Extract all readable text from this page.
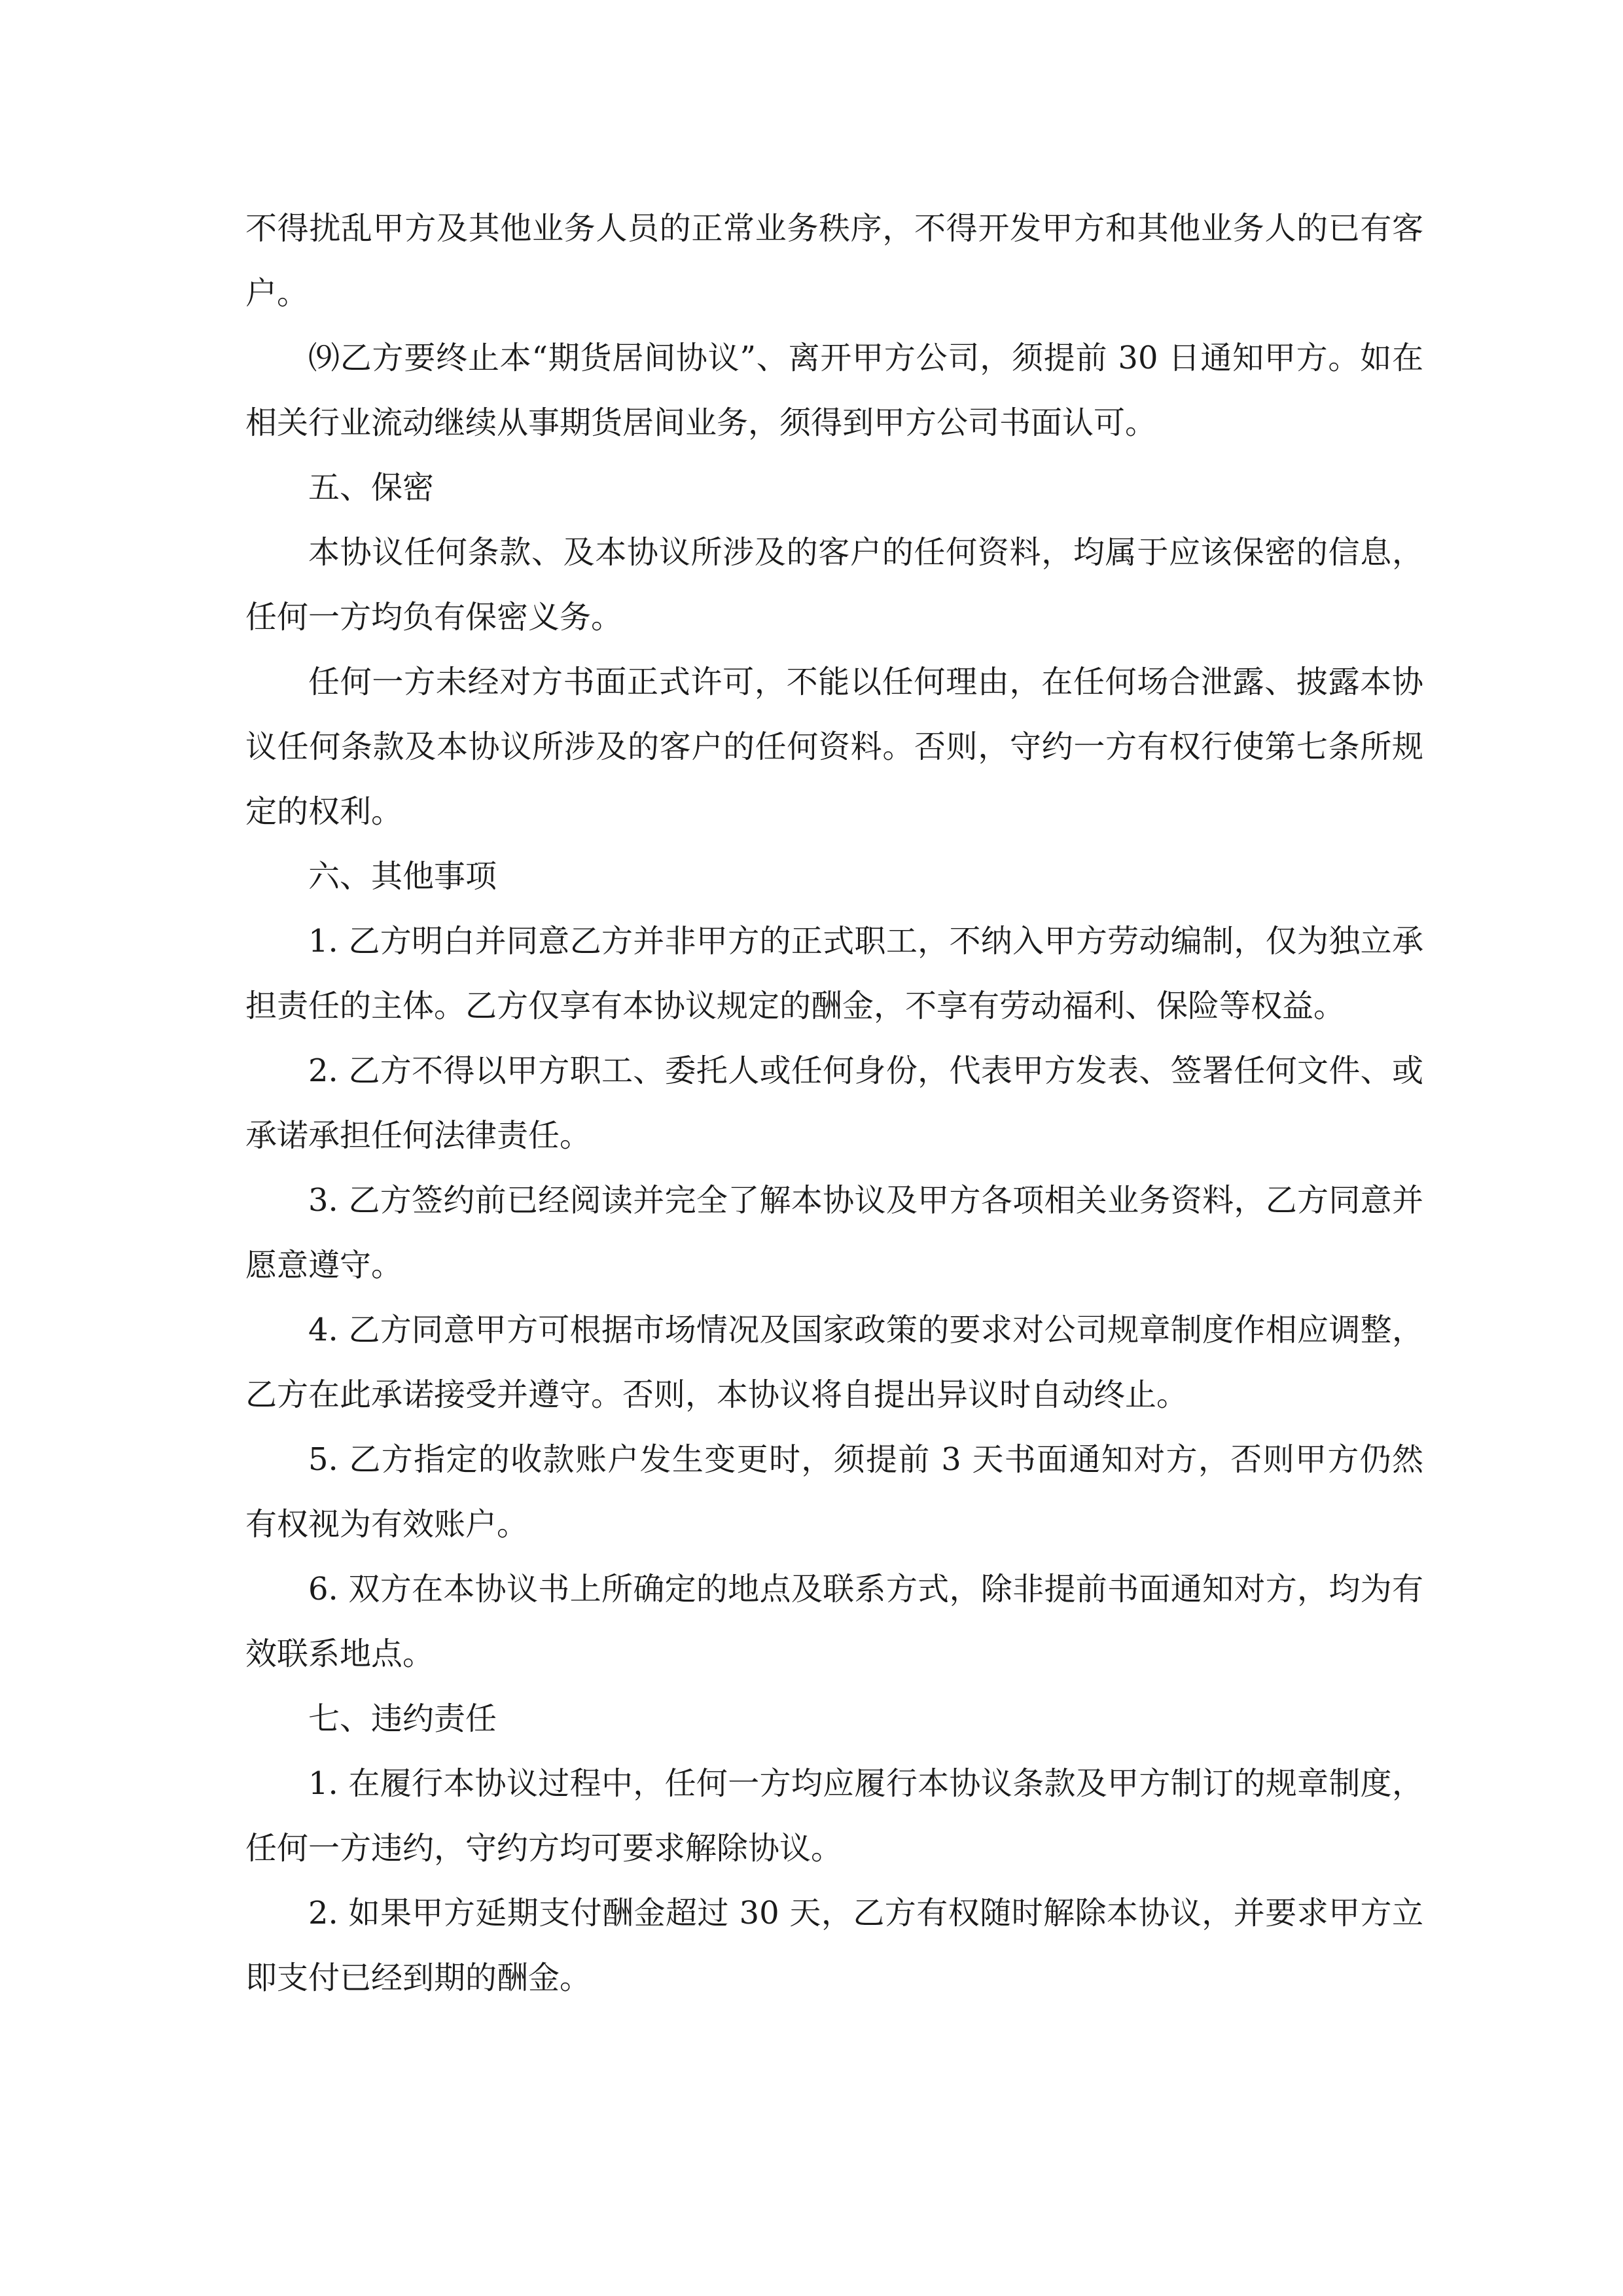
不得扰乱甲方及其他业务人员的正常业务秩序，不得开发甲方和其他业务人的已有客户。

⑼乙方要终止本“期货居间协议”、离开甲方公司，须提前 30 日通知甲方。如在相关行业流动继续从事期货居间业务，须得到甲方公司书面认可。

五、保密

本协议任何条款、及本协议所涉及的客户的任何资料，均属于应该保密的信息，任何一方均负有保密义务。

任何一方未经对方书面正式许可，不能以任何理由，在任何场合泄露、披露本协议任何条款及本协议所涉及的客户的任何资料。否则，守约一方有权行使第七条所规定的权利。

六、其他事项

1. 乙方明白并同意乙方并非甲方的正式职工，不纳入甲方劳动编制，仅为独立承担责任的主体。乙方仅享有本协议规定的酬金，不享有劳动福利、保险等权益。

2. 乙方不得以甲方职工、委托人或任何身份，代表甲方发表、签署任何文件、或承诺承担任何法律责任。

3. 乙方签约前已经阅读并完全了解本协议及甲方各项相关业务资料，乙方同意并愿意遵守。

4. 乙方同意甲方可根据市场情况及国家政策的要求对公司规章制度作相应调整，乙方在此承诺接受并遵守。否则，本协议将自提出异议时自动终止。

5. 乙方指定的收款账户发生变更时，须提前 3 天书面通知对方，否则甲方仍然有权视为有效账户。

6. 双方在本协议书上所确定的地点及联系方式，除非提前书面通知对方，均为有效联系地点。

七、违约责任

1. 在履行本协议过程中，任何一方均应履行本协议条款及甲方制订的规章制度，任何一方违约，守约方均可要求解除协议。

2. 如果甲方延期支付酬金超过 30 天，乙方有权随时解除本协议，并要求甲方立即支付已经到期的酬金。
